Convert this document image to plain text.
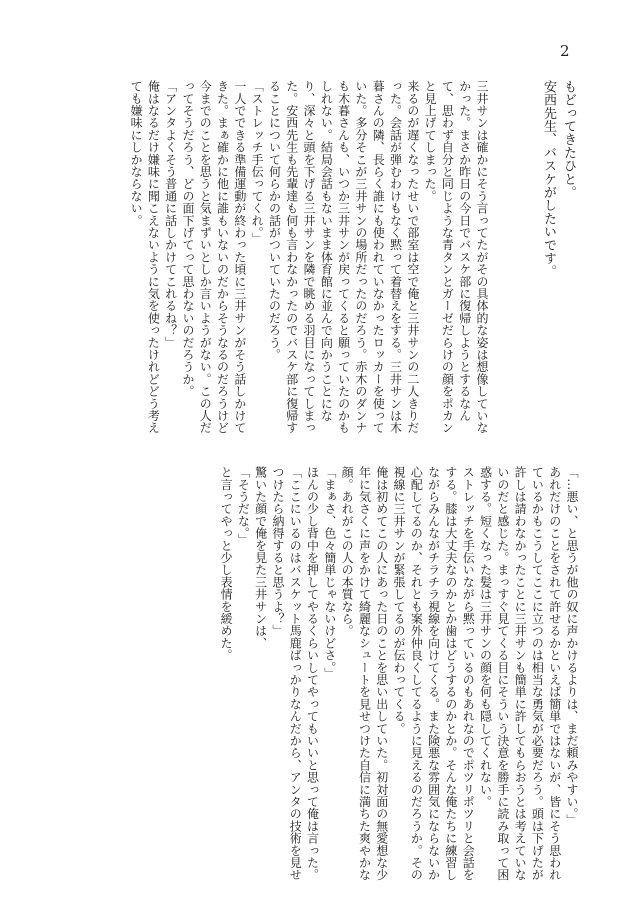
2
もどってきたひと。
安西先生、バスケがしたいです。
三井サンは確かにそう言ってたがその具体的な姿は想像していなかった。まさか昨日の今日でバスケ部に復帰しようとするなんて、思わず自分と同じような青タンとガーゼだらけの顔をポカンと見上げてしまった。
来るのが遅くなったせいで部室は空で俺と三井サンの二人きりだった。会話が弾むわけもなく黙って着替えをする。三井サンは木暮さんの隣、長らく誰にも使われていなかったロッカーを使っていた。多分そこが三井サンの場所だったのだろう。赤木のダンナも木暮さんも、いつか三井サンが戻ってくると願っていたのかもしれない。結局会話もないまま体育館に並んで向かうことになり、深々と頭を下げる三井サンを隣で眺める羽目になってしまった。安西先生も先輩達も何も言わなかったのでバスケ部に復帰することについて何らかの話がついていたのだろう。
「ストレッチ手伝ってくれ。」
一人でできる準備運動が終わった頃に三井サンがそう話しかけてきた。まぁ確かに他に誰もいないのだからそうなるのだろうけど今までのことを思うと気まずいとしか言いようがない。この人だってそうだろう、どの面下げてって思わないのだろうか。
「アンタよくそう普通に話しかけてこれるね？」
俺はなるだけ嫌味に聞こえないように気を使ったけれどどう考えても嫌味にしかならない。
「…悪い、と思うが他の奴に声かけるよりは、まだ頼みやすい。」
あれだけのことをされて許せるかといえば簡単ではないが、皆にそう思われているかもこうしてここに立つのは相当な勇気が必要だろう。頭は下げたが許しは請わなかったことに三井サンも簡単に許してもらおうとは考えていないのだと感じた。まっすぐ見てくる目にそういう決意を勝手に読み取って困惑する。短くなった髪は三井サンの顔を何も隠してくれない。
ストレッチを手伝いながら黙っているのもあれなのでポツリポツリと会話をする。膝は大丈夫なのかとか歯はどうするのかとか。そんな俺たちに練習しながらみんながチラチラ視線を向けてくる。また険悪な雰囲気にならないか心配してるのか、それとも案外仲良くしてるように見えるのだろうか。その視線に三井サンが緊張してるのが伝わってくる。
俺は初めてこの人にあった日のことを思い出していた。初対面の無愛想な少年に気さくに声をかけて綺麗なシュートを見せつけた自信に満ちた爽やかな顔。あれがこの人の本質なら。
「まぁさ、色々簡単じゃないけどさ。」
ほんの少し背中を押してやるくらいしてやってもいいと思って俺は言った。
「ここにいるのはバスケット馬鹿ばっかりなんだから、アンタの技術を見せつけたら納得すると思うよ？」
驚いた顔で俺を見た三井サンは、
「そうだな。」
と言ってやっと少し表情を緩めた。
